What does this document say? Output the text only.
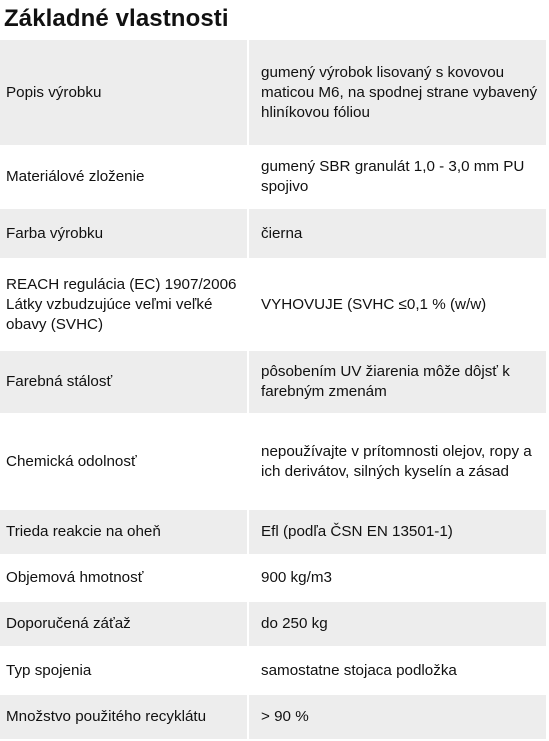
Základné vlastnosti
Popis výrobku	gumený výrobok lisovaný s kovovou maticou M6, na spodnej strane vybavený hliníkovou fóliou
Materiálové zloženie	gumený SBR granulát 1,0 - 3,0 mm PU spojivo
Farba výrobku	čierna
REACH regulácia (EC) 1907/2006 Látky vzbudzujúce veľmi veľké obavy (SVHC)	VYHOVUJE (SVHC ≤0,1 % (w/w)
Farebná stálosť	pôsobením UV žiarenia môže dôjsť k farebným zmenám
Chemická odolnosť	nepoužívajte v prítomnosti olejov, ropy a ich derivátov, silných kyselín a zásad
Trieda reakcie na oheň	Efl (podľa ČSN EN 13501-1)
Objemová hmotnosť	900 kg/m3
Doporučená záťaž	do 250 kg
Typ spojenia	samostatne stojaca podložka
Množstvo použitého recyklátu	> 90 %
